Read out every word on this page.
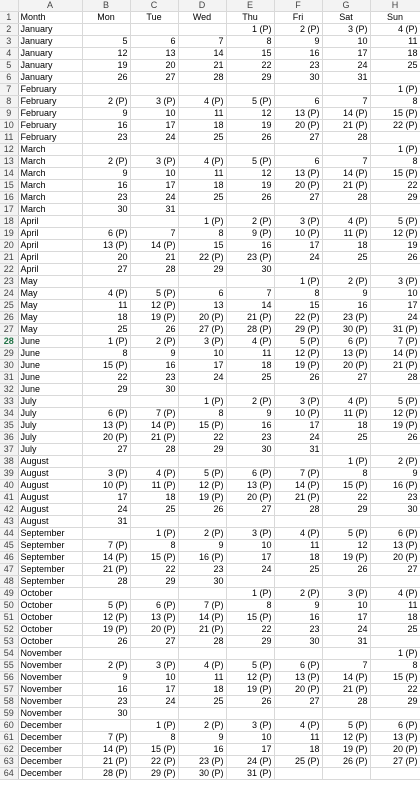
	A	B	C	D	E	F	G	H
1	Month	Mon	Tue	Wed	Thu	Fri	Sat	Sun
2	January				1 (P)	2 (P)	3 (P)	4 (P)
3	January	5	6	7	8	9	10	11
4	January	12	13	14	15	16	17	18
5	January	19	20	21	22	23	24	25
6	January	26	27	28	29	30	31	
7	February							1 (P)
8	February	2 (P)	3 (P)	4 (P)	5 (P)	6	7	8
9	February	9	10	11	12	13 (P)	14 (P)	15 (P)
10	February	16	17	18	19	20 (P)	21 (P)	22 (P)
11	February	23	24	25	26	27	28	
12	March							1 (P)
13	March	2 (P)	3 (P)	4 (P)	5 (P)	6	7	8
14	March	9	10	11	12	13 (P)	14 (P)	15 (P)
15	March	16	17	18	19	20 (P)	21 (P)	22
16	March	23	24	25	26	27	28	29
17	March	30	31					
18	April			1 (P)	2 (P)	3 (P)	4 (P)	5 (P)
19	April	6 (P)	7	8	9 (P)	10 (P)	11 (P)	12 (P)
20	April	13 (P)	14 (P)	15	16	17	18	19
21	April	20	21	22 (P)	23 (P)	24	25	26
22	April	27	28	29	30			
23	May					1 (P)	2 (P)	3 (P)
24	May	4 (P)	5 (P)	6	7	8	9	10
25	May	11	12 (P)	13	14	15	16	17
26	May	18	19 (P)	20 (P)	21 (P)	22 (P)	23 (P)	24
27	May	25	26	27 (P)	28 (P)	29 (P)	30 (P)	31 (P)
28	June	1 (P)	2 (P)	3 (P)	4 (P)	5 (P)	6 (P)	7 (P)
29	June	8	9	10	11	12 (P)	13 (P)	14 (P)
30	June	15 (P)	16	17	18	19 (P)	20 (P)	21 (P)
31	June	22	23	24	25	26	27	28
32	June	29	30					
33	July			1 (P)	2 (P)	3 (P)	4 (P)	5 (P)
34	July	6 (P)	7 (P)	8	9	10 (P)	11 (P)	12 (P)
35	July	13 (P)	14 (P)	15 (P)	16	17	18	19 (P)
36	July	20 (P)	21 (P)	22	23	24	25	26
37	July	27	28	29	30	31		
38	August						1 (P)	2 (P)
39	August	3 (P)	4 (P)	5 (P)	6 (P)	7 (P)	8	9
40	August	10 (P)	11 (P)	12 (P)	13 (P)	14 (P)	15 (P)	16 (P)
41	August	17	18	19 (P)	20 (P)	21 (P)	22	23
42	August	24	25	26	27	28	29	30
43	August	31						
44	September		1 (P)	2 (P)	3 (P)	4 (P)	5 (P)	6 (P)
45	September	7 (P)	8	9	10	11	12	13 (P)
46	September	14 (P)	15 (P)	16 (P)	17	18	19 (P)	20 (P)
47	September	21 (P)	22	23	24	25	26	27
48	September	28	29	30				
49	October				1 (P)	2 (P)	3 (P)	4 (P)
50	October	5 (P)	6 (P)	7 (P)	8	9	10	11
51	October	12 (P)	13 (P)	14 (P)	15 (P)	16	17	18
52	October	19 (P)	20 (P)	21 (P)	22	23	24	25
53	October	26	27	28	29	30	31	
54	November							1 (P)
55	November	2 (P)	3 (P)	4 (P)	5 (P)	6 (P)	7	8
56	November	9	10	11	12 (P)	13 (P)	14 (P)	15 (P)
57	November	16	17	18	19 (P)	20 (P)	21 (P)	22
58	November	23	24	25	26	27	28	29
59	November	30						
60	December		1 (P)	2 (P)	3 (P)	4 (P)	5 (P)	6 (P)
61	December	7 (P)	8	9	10	11	12 (P)	13 (P)
62	December	14 (P)	15 (P)	16	17	18	19 (P)	20 (P)
63	December	21 (P)	22 (P)	23 (P)	24 (P)	25 (P)	26 (P)	27 (P)
64	December	28 (P)	29 (P)	30 (P)	31 (P)			
